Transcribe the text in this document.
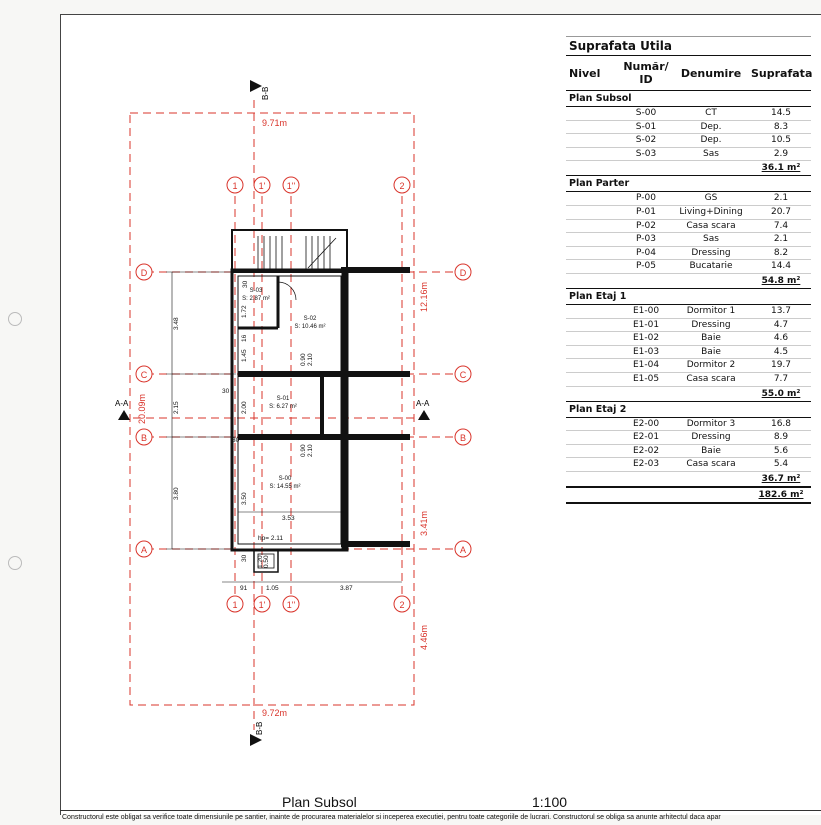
B-B
B-B
A-A	A-A
9.71m
9.72m
20.09m
12.16m
3.41m
4.46m
1 1' 1''	2
1 1' 1''	2
D
C
B
A
D
C
B
A
S-03
S: 2.87 m²
S-02
S: 10.46 m²
S-01
S: 6.27 m²
S-00
S: 14.55 m²
3.48
2.15
3.80
1.72
16
1.45
2.00
3.50
30
30
30
3.53
30
0.90 2.10
0.90 2.10
hp= 2.11
0.50
1.20
91	1.05	3.87
Suprafata Utila
Nivel	Număr/ ID	Denumire Suprafata
Plan Subsol
S-00	CT	14.5
S-01	Dep.	8.3
S-02	Dep.	10.5
S-03	Sas	2.9
36.1 m²
Plan Parter
P-00	GS	2.1
P-01	Living+Dining	20.7
P-02	Casa scara	7.4
P-03	Sas	2.1
P-04	Dressing	8.2
P-05	Bucatarie	14.4
54.8 m²
Plan Etaj 1
E1-00	Dormitor 1	13.7
E1-01	Dressing	4.7
E1-02	Baie	4.6
E1-03	Baie	4.5
E1-04	Dormitor 2	19.7
E1-05	Casa scara	7.7
55.0 m²
Plan Etaj 2
E2-00	Dormitor 3	16.8
E2-01	Dressing	8.9
E2-02	Baie	5.6
E2-03	Casa scara	5.4
36.7 m²
182.6 m²
Plan Subsol	1:100
Constructorul este obligat sa verifice toate dimensiunile pe santier, inainte de procurarea materialelor si inceperea executiei, pentru toate categoriile de lucrari. Constructorul se obliga sa anunte arhitectul daca apar
